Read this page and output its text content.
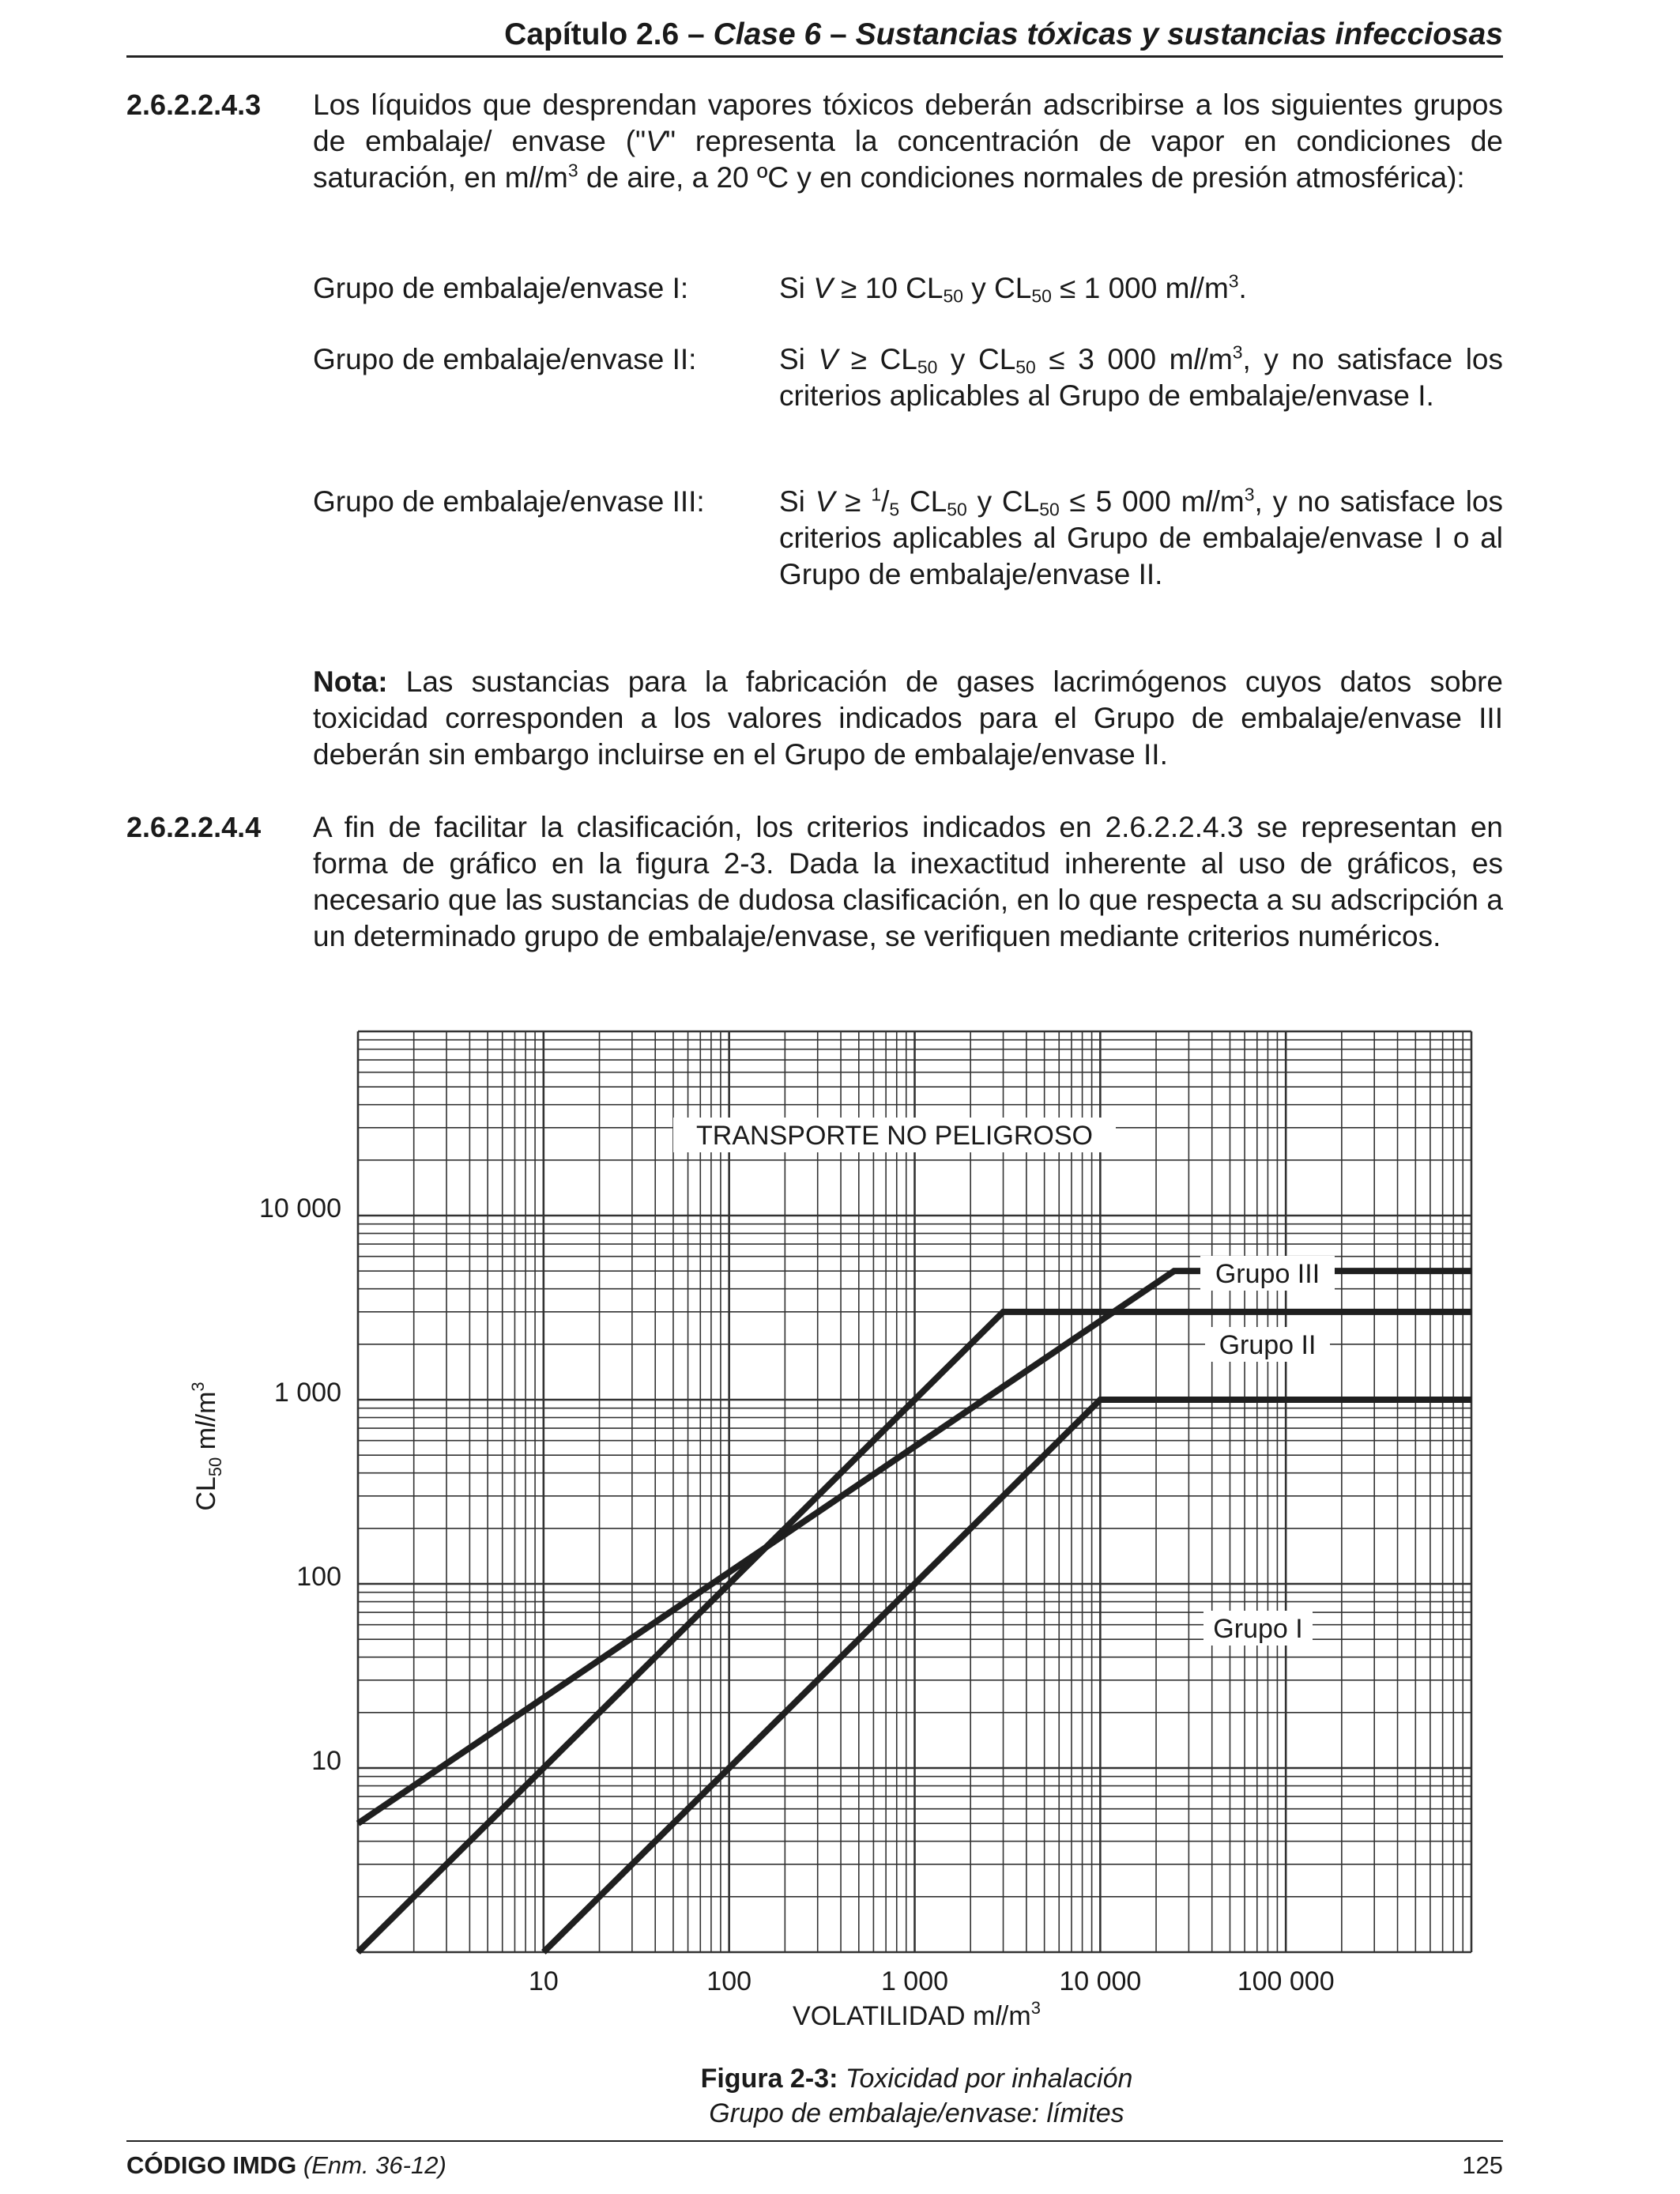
Capítulo 2.6 – Clase 6 – Sustancias tóxicas y sustancias infecciosas
2.6.2.2.4.3 Los líquidos que desprendan vapores tóxicos deberán adscribirse a los siguientes grupos de embalaje/ envase ("V" representa la concentración de vapor en condiciones de saturación, en $ml/m^3$ de aire, a 20 ºC y en condiciones normales de presión atmosférica):
Grupo de embalaje/envase I:	Si V ≥ 10 $CL_{50}$ y $CL_{50} \le 1$ 000 $ml/m^3$.
Grupo de embalaje/envase II:	Si $V \ge CL_{50}$ y $CL_{50} \le 3$ 000 $ml/m^3$, y no satisface los criterios aplicables al Grupo de embalaje/envase I.
Grupo de embalaje/envase III:	Si $V \ge ^1/_5$ $CL_{50}$ y $CL_{50} \le 5$ 000 $ml/m^3$, y no satisface los criterios aplicables al Grupo de embalaje/envase I o al Grupo de embalaje/envase II.
Nota: Las sustancias para la fabricación de gases lacrimógenos cuyos datos sobre toxicidad corresponden a los valores indicados para el Grupo de embalaje/envase III deberán sin embargo incluirse en el Grupo de embalaje/envase II.
2.6.2.2.4.4 A fin de facilitar la clasificación, los criterios indicados en 2.6.2.2.4.3 se representan en forma de gráfico en la figura 2-3. Dada la inexactitud inherente al uso de gráficos, es necesario que las sustancias de dudosa clasificación, en lo que respecta a su adscripción a un determinado grupo de embalaje/envase, se verifiquen mediante criterios numéricos.
10	100	1 000	10 000	100 000
10
100
1 000
10 000
TRANSPORTE NO PELIGROSO
Grupo III
Grupo II
Grupo I
VOLATILIDAD $ml/m^3$
$CL_{50}$ $ml/m^3$
Figura 2-3: Toxicidad por inhalación
Grupo de embalaje/envase: límites
CÓDIGO IMDG (Enm. 36-12)	125
